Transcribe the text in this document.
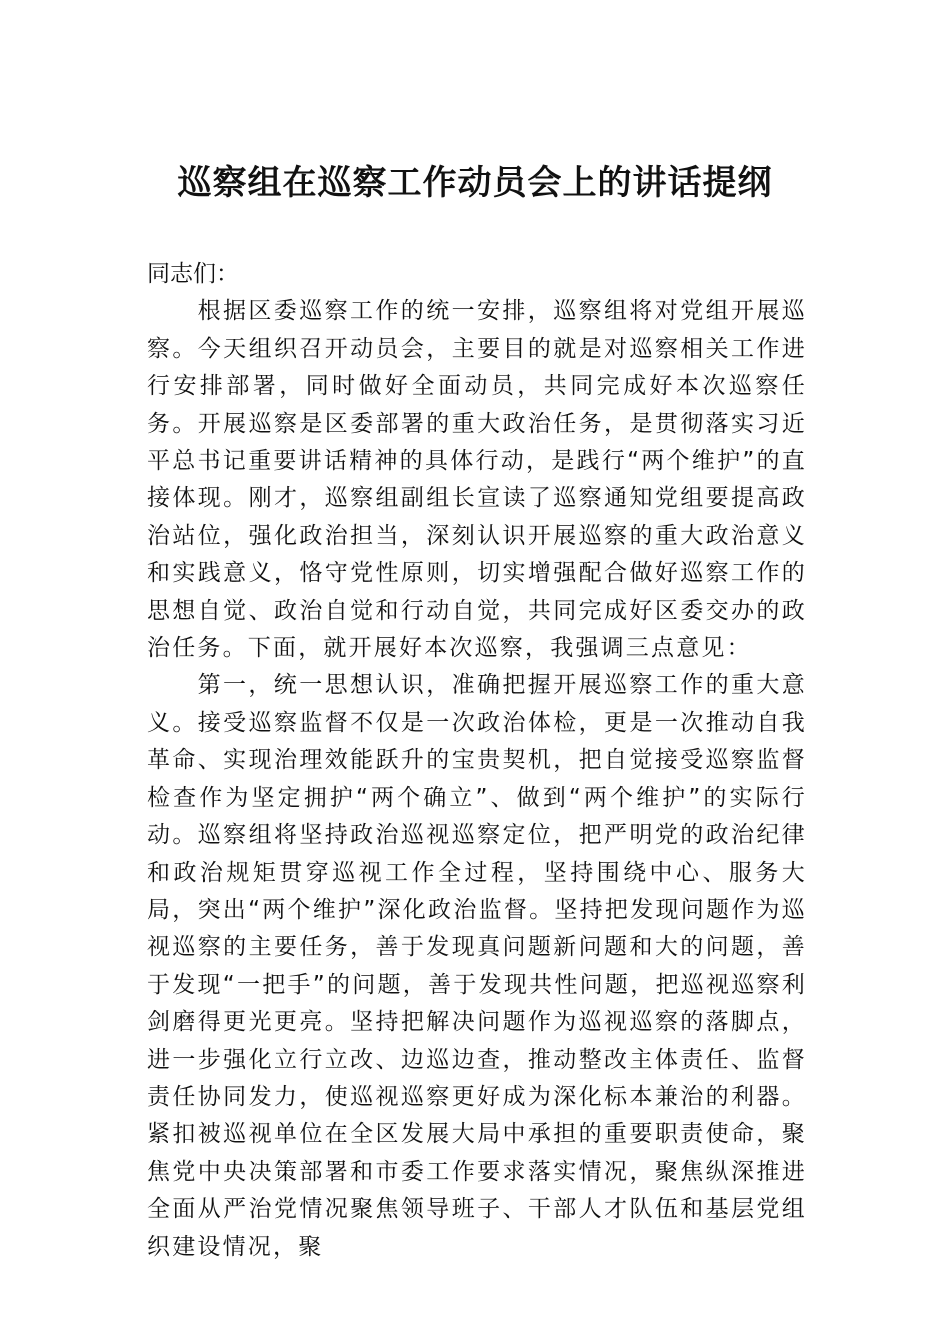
巡察组在巡察工作动员会上的讲话提纲

同志们：

根据区委巡察工作的统一安排，巡察组将对党组开展巡察。今天组织召开动员会，主要目的就是对巡察相关工作进行安排部署，同时做好全面动员，共同完成好本次巡察任务。开展巡察是区委部署的重大政治任务，是贯彻落实习近平总书记重要讲话精神的具体行动，是践行“两个维护”的直接体现。刚才，巡察组副组长宣读了巡察通知党组要提高政治站位，强化政治担当，深刻认识开展巡察的重大政治意义和实践意义，恪守党性原则，切实增强配合做好巡察工作的思想自觉、政治自觉和行动自觉，共同完成好区委交办的政治任务。下面，就开展好本次巡察，我强调三点意见：

第一，统一思想认识，准确把握开展巡察工作的重大意义。接受巡察监督不仅是一次政治体检，更是一次推动自我革命、实现治理效能跃升的宝贵契机，把自觉接受巡察监督检查作为坚定拥护“两个确立”、做到“两个维护”的实际行动。巡察组将坚持政治巡视巡察定位，把严明党的政治纪律和政治规矩贯穿巡视工作全过程，坚持围绕中心、服务大局，突出“两个维护”深化政治监督。坚持把发现问题作为巡视巡察的主要任务，善于发现真问题新问题和大的问题，善于发现“一把手”的问题，善于发现共性问题，把巡视巡察利剑磨得更光更亮。坚持把解决问题作为巡视巡察的落脚点，进一步强化立行立改、边巡边查，推动整改主体责任、监督责任协同发力，使巡视巡察更好成为深化标本兼治的利器。紧扣被巡视单位在全区发展大局中承担的重要职责使命，聚焦党中央决策部署和市委工作要求落实情况，聚焦纵深推进全面从严治党情况聚焦领导班子、干部人才队伍和基层党组织建设情况，聚
